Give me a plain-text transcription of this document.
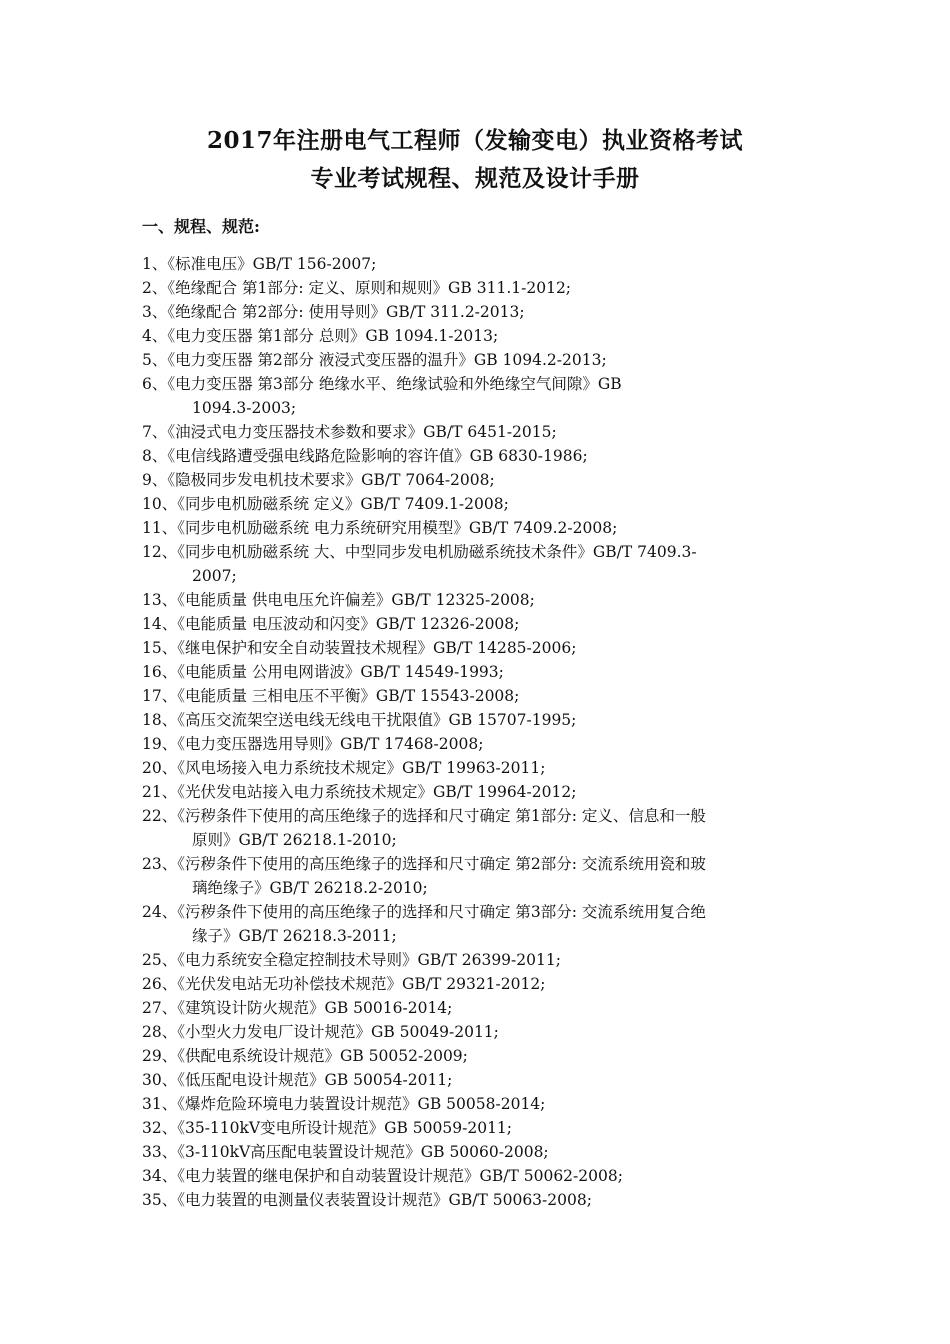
2017年注册电气工程师（发输变电）执业资格考试
专业考试规程、规范及设计手册
一、规程、规范:
1、《标准电压》GB/T 156-2007;
2、《绝缘配合 第1部分: 定义、原则和规则》GB 311.1-2012;
3、《绝缘配合 第2部分: 使用导则》GB/T 311.2-2013;
4、《电力变压器 第1部分 总则》GB 1094.1-2013;
5、《电力变压器 第2部分 液浸式变压器的温升》GB 1094.2-2013;
6、《电力变压器 第3部分 绝缘水平、绝缘试验和外绝缘空气间隙》GB
1094.3-2003;
7、《油浸式电力变压器技术参数和要求》GB/T 6451-2015;
8、《电信线路遭受强电线路危险影响的容许值》GB 6830-1986;
9、《隐极同步发电机技术要求》GB/T 7064-2008;
10、《同步电机励磁系统 定义》GB/T 7409.1-2008;
11、《同步电机励磁系统 电力系统研究用模型》GB/T 7409.2-2008;
12、《同步电机励磁系统 大、中型同步发电机励磁系统技术条件》GB/T 7409.3-
2007;
13、《电能质量 供电电压允许偏差》GB/T 12325-2008;
14、《电能质量 电压波动和闪变》GB/T 12326-2008;
15、《继电保护和安全自动装置技术规程》GB/T 14285-2006;
16、《电能质量 公用电网谐波》GB/T 14549-1993;
17、《电能质量 三相电压不平衡》GB/T 15543-2008;
18、《高压交流架空送电线无线电干扰限值》GB 15707-1995;
19、《电力变压器选用导则》GB/T 17468-2008;
20、《风电场接入电力系统技术规定》GB/T 19963-2011;
21、《光伏发电站接入电力系统技术规定》GB/T 19964-2012;
22、《污秽条件下使用的高压绝缘子的选择和尺寸确定 第1部分: 定义、信息和一般
原则》GB/T 26218.1-2010;
23、《污秽条件下使用的高压绝缘子的选择和尺寸确定 第2部分: 交流系统用瓷和玻
璃绝缘子》GB/T 26218.2-2010;
24、《污秽条件下使用的高压绝缘子的选择和尺寸确定 第3部分: 交流系统用复合绝
缘子》GB/T 26218.3-2011;
25、《电力系统安全稳定控制技术导则》GB/T 26399-2011;
26、《光伏发电站无功补偿技术规范》GB/T 29321-2012;
27、《建筑设计防火规范》GB 50016-2014;
28、《小型火力发电厂设计规范》GB 50049-2011;
29、《供配电系统设计规范》GB 50052-2009;
30、《低压配电设计规范》GB 50054-2011;
31、《爆炸危险环境电力装置设计规范》GB 50058-2014;
32、《35-110kV变电所设计规范》GB 50059-2011;
33、《3-110kV高压配电装置设计规范》GB 50060-2008;
34、《电力装置的继电保护和自动装置设计规范》GB/T 50062-2008;
35、《电力装置的电测量仪表装置设计规范》GB/T 50063-2008;
